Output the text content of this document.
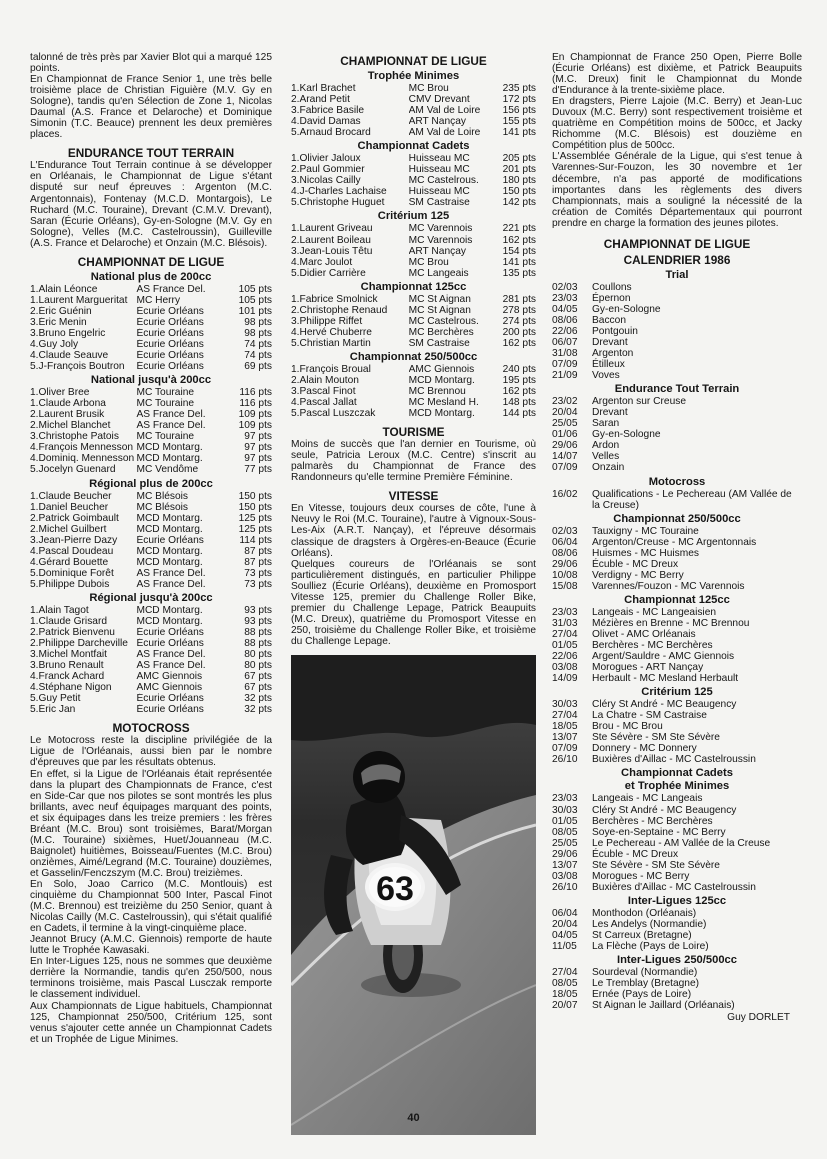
talonné de très près par Xavier Blot qui a marqué 125 points.

En Championnat de France Senior 1, une très belle troisième place de Christian Figuière (M.V. Gy en Sologne), tandis qu'en Sélection de Zone 1, Nicolas Daumal (A.S. France et Delaroche) et Dominique Simonin (T.C. Beauce) prennent les deux premières places.

ENDURANCE TOUT TERRAIN

L'Endurance Tout Terrain continue à se développer en Orléanais, le Championnat de Ligue s'étant disputé sur neuf épreuves : Argenton (M.C. Argentonnais), Fontenay (M.C.D. Montargois), Le Ruchard (M.C. Touraine), Drevant (C.M.V. Drevant), Saran (Écurie Orléans), Gy-en-Sologne (M.V. Gy en Sologne), Velles (M.C. Castelroussin), Guilleville (A.S. France et Delaroche) et Onzain (M.C. Blésois).

CHAMPIONNAT DE LIGUE
National plus de 200cc
1.Alain Léonce	AS France Del.	105 pts
1.Laurent Margueritat	MC Herry	105 pts
2.Éric Guénin	Écurie Orléans	101 pts
3.Éric Menin	Écurie Orléans	98 pts
3.Bruno Engelric	Écurie Orléans	98 pts
4.Guy Joly	Écurie Orléans	74 pts
4.Claude Seauve	Écurie Orléans	74 pts
5.J-François Boutron	Écurie Orléans	69 pts
National jusqu'à 200cc
1.Oliver Bree	MC Touraine	116 pts
1.Claude Arbona	MC Touraine	116 pts
2.Laurent Brusik	AS France Del.	109 pts
2.Michel Blanchet	AS France Del.	109 pts
3.Christophe Patois	MC Touraine	97 pts
4.François Mennesson	MCD Montarg.	97 pts
4.Dominiq. Mennesson	MCD Montarg.	97 pts
5.Jocelyn Guenard	MC Vendôme	77 pts
Régional plus de 200cc
1.Claude Beucher	MC Blésois	150 pts
1.Daniel Beucher	MC Blésois	150 pts
2.Patrick Goimbault	MCD Montarg.	125 pts
2.Michel Guilbert	MCD Montarg.	125 pts
3.Jean-Pierre Dazy	Écurie Orléans	114 pts
4.Pascal Doudeau	MCD Montarg.	87 pts
4.Gérard Bouette	MCD Montarg.	87 pts
5.Dominique Forêt	AS France Del.	73 pts
5.Philippe Dubois	AS France Del.	73 pts
Régional jusqu'à 200cc
1.Alain Tagot	MCD Montarg.	93 pts
1.Claude Grisard	MCD Montarg.	93 pts
2.Patrick Bienvenu	Écurie Orléans	88 pts
2.Philippe Darcheville	Écurie Orléans	88 pts
3.Michel Montfait	AS France Del.	80 pts
3.Bruno Renault	AS France Del.	80 pts
4.Franck Achard	AMC Giennois	67 pts
4.Stéphane Nigon	AMC Giennois	67 pts
5.Guy Petit	Écurie Orléans	32 pts
5.Éric Jan	Écurie Orléans	32 pts
MOTOCROSS

Le Motocross reste la discipline privilégiée de la Ligue de l'Orléanais, aussi bien par le nombre d'épreuves que par les résultats obtenus.

En effet, si la Ligue de l'Orléanais était représentée dans la plupart des Championnats de France, c'est en Side-Car que nos pilotes se sont montrés les plus brillants, avec neuf équipages marquant des points, et six équipages dans les treize premiers : les frères Bréant (M.C. Brou) sont troisièmes, Barat/Morgan (M.C. Touraine) sixièmes, Huet/Jouanneau (M.C. Baignolet) huitièmes, Boisseau/Fuentes (M.C. Brou) onzièmes, Aimé/Legrand (M.C. Touraine) douzièmes, et Gasselin/Fenczszym (M.C. Brou) treizièmes.

En Solo, Joao Carrico (M.C. Montlouis) est cinquième du Championnat 500 Inter, Pascal Finot (M.C. Brennou) est treizième du 250 Senior, quant à Nicolas Cailly (M.C. Castelroussin), qui s'était qualifié en Cadets, il termine à la vingt-cinquième place.

Jeannot Brucy (A.M.C. Giennois) remporte de haute lutte le Trophée Kawasaki.

En Inter-Ligues 125, nous ne sommes que deuxième derrière la Normandie, tandis qu'en 250/500, nous terminons troisième, mais Pascal Lusczak remporte le classement individuel.

Aux Championnats de Ligue habituels, Championnat 125, Championnat 250/500, Critérium 125, sont venus s'ajouter cette année un Championnat Cadets et un Trophée de Ligue Minimes.

CHAMPIONNAT DE LIGUE
Trophée Minimes
1.Karl Brachet	MC Brou	235 pts
2.Arand Petit	CMV Drevant	172 pts
3.Fabrice Basile	AM Val de Loire	156 pts
4.David Damas	ART Nançay	155 pts
5.Arnaud Brocard	AM Val de Loire	141 pts
Championnat Cadets
1.Olivier Jaloux	Huisseau MC	205 pts
2.Paul Gommier	Huisseau MC	201 pts
3.Nicolas Cailly	MC Castelrous.	180 pts
4.J-Charles Lachaise	Huisseau MC	150 pts
5.Christophe Huguet	SM Castraise	142 pts
Critérium 125
1.Laurent Griveau	MC Varennois	221 pts
2.Laurent Boileau	MC Varennois	162 pts
3.Jean-Louis Têtu	ART Nançay	154 pts
4.Marc Joulot	MC Brou	141 pts
5.Didier Carrière	MC Langeais	135 pts
Championnat 125cc
1.Fabrice Smolnick	MC St Aignan	281 pts
2.Christophe Renaud	MC St Aignan	278 pts
3.Philippe Riffet	MC Castelrous.	274 pts
4.Hervé Chuberre	MC Berchères	200 pts
5.Christian Martin	SM Castraise	162 pts
Championnat 250/500cc
1.François Broual	AMC Giennois	240 pts
2.Alain Mouton	MCD Montarg.	195 pts
3.Pascal Finot	MC Brennou	162 pts
4.Pascal Jallat	MC Mesland H.	148 pts
5.Pascal Luszczak	MCD Montarg.	144 pts
TOURISME

Moins de succès que l'an dernier en Tourisme, où seule, Patricia Leroux (M.C. Centre) s'inscrit au palmarès du Championnat de France des Randonneurs qu'elle termine Première Féminine.

VITESSE

En Vitesse, toujours deux courses de côte, l'une à Neuvy le Roi (M.C. Touraine), l'autre à Vignoux-Sous-Les-Aix (A.R.T. Nançay), et l'épreuve désormais classique de dragsters à Orgères-en-Beauce (Écurie Orléans).

Quelques coureurs de l'Orléanais se sont particulièrement distingués, en particulier Philippe Soulliez (Écurie Orléans), deuxième en Promosport Vitesse 125, premier du Challenge Roller Bike, premier du Challenge Lepage, Patrick Beaupuits (M.C. Dreux), quatrième du Promosport Vitesse en 250, troisième du Challenge Roller Bike, et troisième du Challenge Lepage.

63

En Championnat de France 250 Open, Pierre Bolle (Écurie Orléans) est dixième, et Patrick Beaupuits (M.C. Dreux) finit le Championnat du Monde d'Endurance à la trente-sixième place.

En dragsters, Pierre Lajoie (M.C. Berry) et Jean-Luc Duvoux (M.C. Berry) sont respectivement troisième et quatrième en Compétition moins de 500cc, et Jacky Richomme (M.C. Blésois) est douzième en Compétition plus de 500cc.

L'Assemblée Générale de la Ligue, qui s'est tenue à Varennes-Sur-Fouzon, les 30 novembre et 1er décembre, n'a pas apporté de modifications importantes dans les règlements des divers Championnats, mais a souligné la nécessité de la création de Comités Départementaux qui pourront prendre en charge la formation des jeunes pilotes.

CHAMPIONNAT DE LIGUE
CALENDRIER 1986
Trial
02/03	Coullons
23/03	Épernon
04/05	Gy-en-Sologne
08/06	Baccon
22/06	Pontgouin
06/07	Drevant
31/08	Argenton
07/09	Étilleux
21/09	Voves
Endurance Tout Terrain
23/02	Argenton sur Creuse
20/04	Drevant
25/05	Saran
01/06	Gy-en-Sologne
29/06	Ardon
14/07	Velles
07/09	Onzain
Motocross
16/02	Qualifications - Le Pechereau (AM Vallée de la Creuse)
Championnat 250/500cc
02/03	Tauxigny - MC Touraine
06/04	Argenton/Creuse - MC Argentonnais
08/06	Huismes - MC Huismes
29/06	Écuble - MC Dreux
10/08	Verdigny - MC Berry
15/08	Varennes/Fouzon - MC Varennois
Championnat 125cc
23/03	Langeais - MC Langeaisien
31/03	Mézières en Brenne - MC Brennou
27/04	Olivet - AMC Orléanais
01/05	Berchères - MC Berchères
22/06	Argent/Sauldre - AMC Giennois
03/08	Morogues - ART Nançay
14/09	Herbault - MC Mesland Herbault
Critérium 125
30/03	Cléry St André - MC Beaugency
27/04	La Chatre - SM Castraise
18/05	Brou - MC Brou
13/07	Ste Sévère - SM Ste Sévère
07/09	Donnery - MC Donnery
26/10	Buxières d'Aillac - MC Castelroussin
Championnat Cadets
et Trophée Minimes
23/03	Langeais - MC Langeais
30/03	Cléry St André - MC Beaugency
01/05	Berchères - MC Berchères
08/05	Soye-en-Septaine - MC Berry
25/05	Le Pechereau - AM Vallée de la Creuse
29/06	Écuble - MC Dreux
13/07	Ste Sévère - SM Ste Sévère
03/08	Morogues - MC Berry
26/10	Buxières d'Aillac - MC Castelroussin
Inter-Ligues 125cc
06/04	Monthodon (Orléanais)
20/04	Les Andelys (Normandie)
04/05	St Carreux (Bretagne)
11/05	La Flèche (Pays de Loire)
Inter-Ligues 250/500cc
27/04	Sourdeval (Normandie)
08/05	Le Tremblay (Bretagne)
18/05	Ernée (Pays de Loire)
20/07	St Aignan le Jaillard (Orléanais)
Guy DORLET
40
